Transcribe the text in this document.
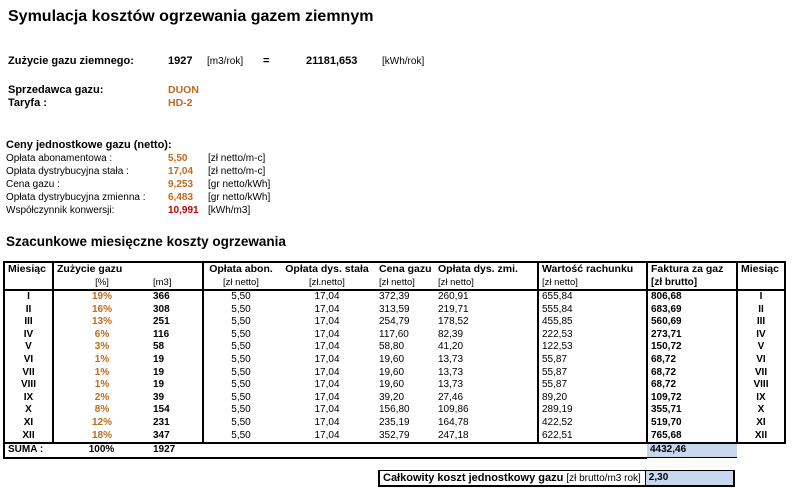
Symulacja kosztów ogrzewania gazem ziemnym
Zużycie gazu ziemnego:	1927 [m3/rok] =	21181,653 [kWh/rok]
Sprzedawca gazu:	DUON
Taryfa :	HD-2
Ceny jednostkowe gazu (netto):
Opłata abonamentowa :	5,50 [zł netto/m-c]
Opłata dystrybucyjna stała :	17,04 [zł netto/m-c]
Cena gazu :	9,253 [gr netto/kWh]
Opłata dystrybucyjna zmienna : 6,483 [gr netto/kWh]
Współczynnik konwersji:	10,991 [kWh/m3]
Szacunkowe miesięczne koszty ogrzewania
Miesiąc	Zużycie gazu		Opłata abon.	Opłata dys. stała	Cena gazu	Opłata dys. zmi.	Wartość rachunku	Faktura za gaz	Miesiąc
	[%]	[m3]	[zł netto]	[zł.netto]	[zł netto]	[zł netto]	[zł netto]	[zł brutto]	
I	19%	366	5,50	17,04	372,39	260,91	655,84	806,68	I
II	16%	308	5,50	17,04	313,59	219,71	555,84	683,69	II
III	13%	251	5,50	17,04	254,79	178,52	455,85	560,69	III
IV	6%	116	5,50	17,04	117,60	82,39	222,53	273,71	IV
V	3%	58	5,50	17,04	58,80	41,20	122,53	150,72	V
VI	1%	19	5,50	17,04	19,60	13,73	55,87	68,72	VI
VII	1%	19	5,50	17,04	19,60	13,73	55,87	68,72	VII
VIII	1%	19	5,50	17,04	19,60	13,73	55,87	68,72	VIII
IX	2%	39	5,50	17,04	39,20	27,46	89,20	109,72	IX
X	8%	154	5,50	17,04	156,80	109,86	289,19	355,71	X
XI	12%	231	5,50	17,04	235,19	164,78	422,52	519,70	XI
XII	18%	347	5,50	17,04	352,79	247,18	622,51	765,68	XII
SUMA :	100%	1927						4432,46	
Całkowity koszt jednostkowy gazu [zł brutto/m3 rok] 2,30
